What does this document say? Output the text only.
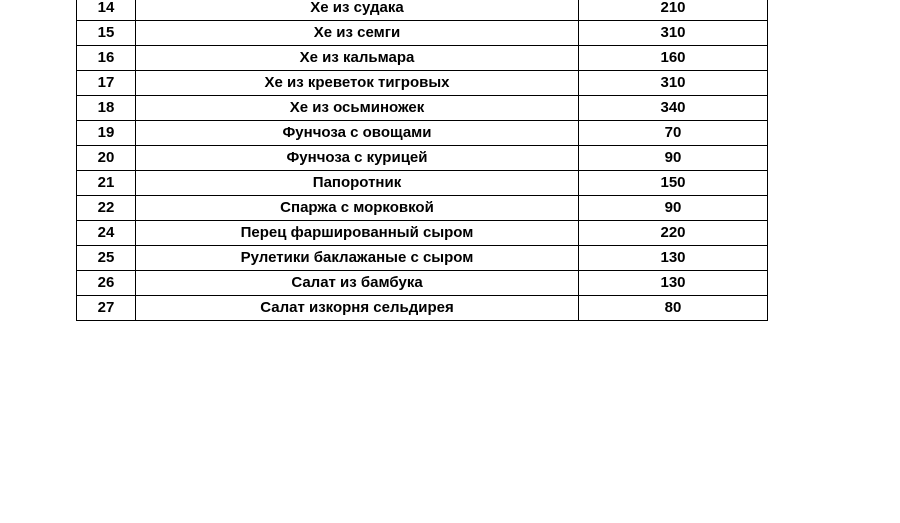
14	Хе из судака	210
15	Хе из семги	310
16	Хе из кальмара	160
17	Хе из креветок тигровых	310
18	Хе из осьминожек	340
19	Фунчоза с овощами	70
20	Фунчоза с курицей	90
21	Папоротник	150
22	Спаржа с морковкой	90
24	Перец фаршированный сыром	220
25	Рулетики баклажаные с сыром	130
26	Салат из бамбука	130
27	Салат изкорня сельдирея	80
